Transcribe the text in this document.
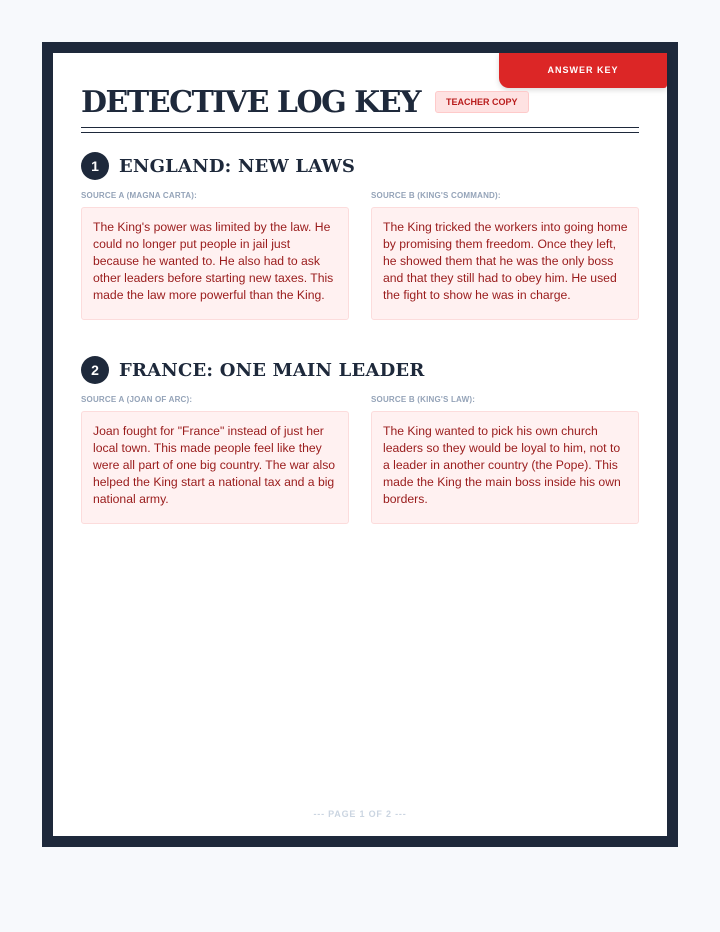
ANSWER KEY
DETECTIVE LOG KEY	TEACHER COPY
1	ENGLAND: NEW LAWS
SOURCE A (MAGNA CARTA):
The King's power was limited by the law. He could no longer put people in jail just because he wanted to. He also had to ask other leaders before starting new taxes. This made the law more powerful than the King.
SOURCE B (KING'S COMMAND):
The King tricked the workers into going home by promising them freedom. Once they left, he showed them that he was the only boss and that they still had to obey him. He used the fight to show he was in charge.
2	FRANCE: ONE MAIN LEADER
SOURCE A (JOAN OF ARC):
Joan fought for "France" instead of just her local town. This made people feel like they were all part of one big country. The war also helped the King start a national tax and a big national army.
SOURCE B (KING'S LAW):
The King wanted to pick his own church leaders so they would be loyal to him, not to a leader in another country (the Pope). This made the King the main boss inside his own borders.
--- PAGE 1 OF 2 ---
